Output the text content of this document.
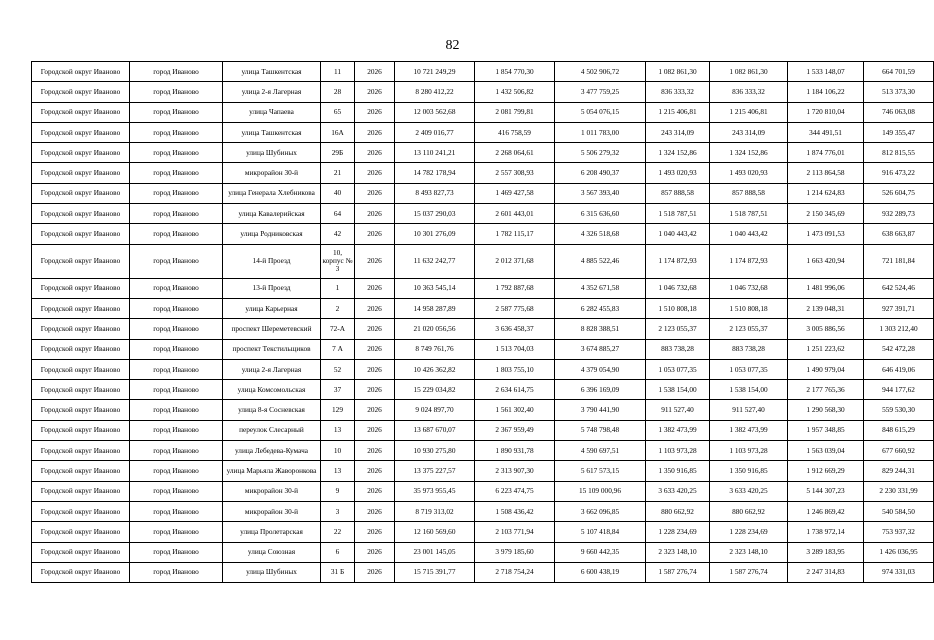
82
Городской округ Иваново	город Иваново	улица Ташкентская	11	2026	10 721 249,29	1 854 770,30	4 502 906,72	1 082 861,30	1 082 861,30	1 533 148,07	664 701,59
Городской округ Иваново	город Иваново	улица 2-я Лагерная	28	2026	8 280 412,22	1 432 506,82	3 477 759,25	836 333,32	836 333,32	1 184 106,22	513 373,30
Городской округ Иваново	город Иваново	улица Чапаева	65	2026	12 003 562,68	2 081 799,81	5 054 076,15	1 215 406,81	1 215 406,81	1 720 810,04	746 063,08
Городской округ Иваново	город Иваново	улица Ташкентская	16А	2026	2 409 016,77	416 758,59	1 011 783,00	243 314,09	243 314,09	344 491,51	149 355,47
Городской округ Иваново	город Иваново	улица Шубиных	29Б	2026	13 110 241,21	2 268 064,61	5 506 279,32	1 324 152,86	1 324 152,86	1 874 776,01	812 815,55
Городской округ Иваново	город Иваново	микрорайон 30-й	21	2026	14 782 178,94	2 557 308,93	6 208 490,37	1 493 020,93	1 493 020,93	2 113 864,58	916 473,22
Городской округ Иваново	город Иваново	улица Генерала Хлебникова	40	2026	8 493 827,73	1 469 427,58	3 567 393,40	857 888,58	857 888,58	1 214 624,83	526 604,75
Городской округ Иваново	город Иваново	улица Кавалерийская	64	2026	15 037 290,03	2 601 443,01	6 315 636,60	1 518 787,51	1 518 787,51	2 150 345,69	932 289,73
Городской округ Иваново	город Иваново	улица Родниковская	42	2026	10 301 276,09	1 782 115,17	4 326 518,68	1 040 443,42	1 040 443,42	1 473 091,53	638 663,87
Городской округ Иваново	город Иваново	14-й Проезд	10, корпус № 3	2026	11 632 242,77	2 012 371,68	4 885 522,46	1 174 872,93	1 174 872,93	1 663 420,94	721 181,84
Городской округ Иваново	город Иваново	13-й Проезд	1	2026	10 363 545,14	1 792 887,68	4 352 671,58	1 046 732,68	1 046 732,68	1 481 996,06	642 524,46
Городской округ Иваново	город Иваново	улица Карьерная	2	2026	14 958 287,89	2 587 775,68	6 282 455,83	1 510 808,18	1 510 808,18	2 139 048,31	927 391,71
Городской округ Иваново	город Иваново	проспект Шереметевский	72-А	2026	21 020 056,56	3 636 458,37	8 828 388,51	2 123 055,37	2 123 055,37	3 005 886,56	1 303 212,40
Городской округ Иваново	город Иваново	проспект Текстильщиков	7 А	2026	8 749 761,76	1 513 704,03	3 674 885,27	883 738,28	883 738,28	1 251 223,62	542 472,28
Городской округ Иваново	город Иваново	улица 2-я Лагерная	52	2026	10 426 362,82	1 803 755,10	4 379 054,90	1 053 077,35	1 053 077,35	1 490 979,04	646 419,06
Городской округ Иваново	город Иваново	улица Комсомольская	37	2026	15 229 034,82	2 634 614,75	6 396 169,09	1 538 154,00	1 538 154,00	2 177 765,36	944 177,62
Городской округ Иваново	город Иваново	улица 8-я Сосневская	129	2026	9 024 897,70	1 561 302,40	3 790 441,90	911 527,40	911 527,40	1 290 568,30	559 530,30
Городской округ Иваново	город Иваново	переулок Слесарный	13	2026	13 687 670,07	2 367 959,49	5 748 798,48	1 382 473,99	1 382 473,99	1 957 348,85	848 615,29
Городской округ Иваново	город Иваново	улица Лебедева-Кумача	10	2026	10 930 275,80	1 890 931,78	4 590 697,51	1 103 973,28	1 103 973,28	1 563 039,04	677 660,92
Городской округ Иваново	город Иваново	улица Марьяла Жаворонкова	13	2026	13 375 227,57	2 313 907,30	5 617 573,15	1 350 916,85	1 350 916,85	1 912 669,29	829 244,31
Городской округ Иваново	город Иваново	микрорайон 30-й	9	2026	35 973 955,45	6 223 474,75	15 109 000,96	3 633 420,25	3 633 420,25	5 144 307,23	2 230 331,99
Городской округ Иваново	город Иваново	микрорайон 30-й	3	2026	8 719 313,02	1 508 436,42	3 662 096,85	880 662,92	880 662,92	1 246 869,42	540 584,50
Городской округ Иваново	город Иваново	улица Пролетарская	22	2026	12 160 569,60	2 103 771,94	5 107 418,84	1 228 234,69	1 228 234,69	1 738 972,14	753 937,32
Городской округ Иваново	город Иваново	улица Союзная	6	2026	23 001 145,05	3 979 185,60	9 660 442,35	2 323 148,10	2 323 148,10	3 289 183,95	1 426 036,95
Городской округ Иваново	город Иваново	улица Шубиных	31 Б	2026	15 715 391,77	2 718 754,24	6 600 438,19	1 587 276,74	1 587 276,74	2 247 314,83	974 331,03
